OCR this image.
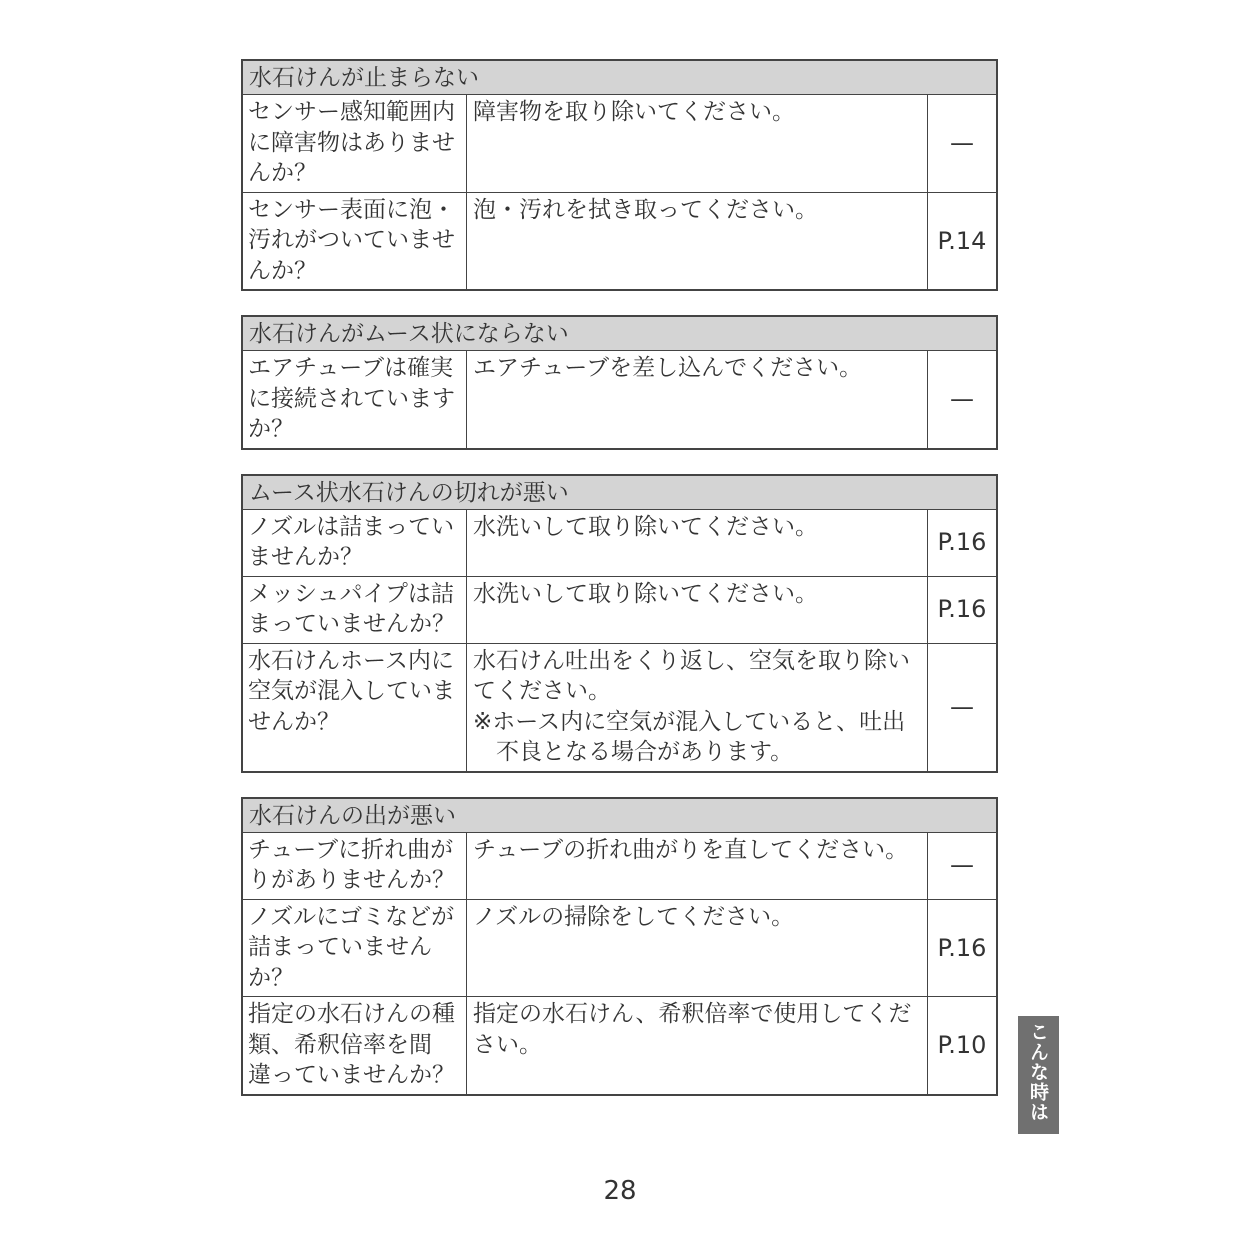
水石けんが止まらない
センサー感知範囲内
に障害物はありませ
んか？
障害物を取り除いてください。
—
センサー表面に泡・
汚れがついていませ
んか？
泡・汚れを拭き取ってください。
P.14
水石けんがムース状にならない
エアチューブは確実
に接続されています
か？
エアチューブを差し込んでください。
—
ムース状水石けんの切れが悪い
ノズルは詰まってい
ませんか？
水洗いして取り除いてください。
P.16
メッシュパイプは詰
まっていませんか？
水洗いして取り除いてください。
P.16
水石けんホース内に
空気が混入していま
せんか？
水石けん吐出をくり返し、空気を取り除い
てください。
※ホース内に空気が混入していると、吐出
不良となる場合があります。
—
水石けんの出が悪い
チューブに折れ曲が
りがありませんか？
チューブの折れ曲がりを直してください。
—
ノズルにゴミなどが
詰まっていません
か？
ノズルの掃除をしてください。
P.16
指定の水石けんの種
類、希釈倍率を間
違っていませんか？
指定の水石けん、希釈倍率で使用してくだ
さい。	P.10
28
こんな時は
